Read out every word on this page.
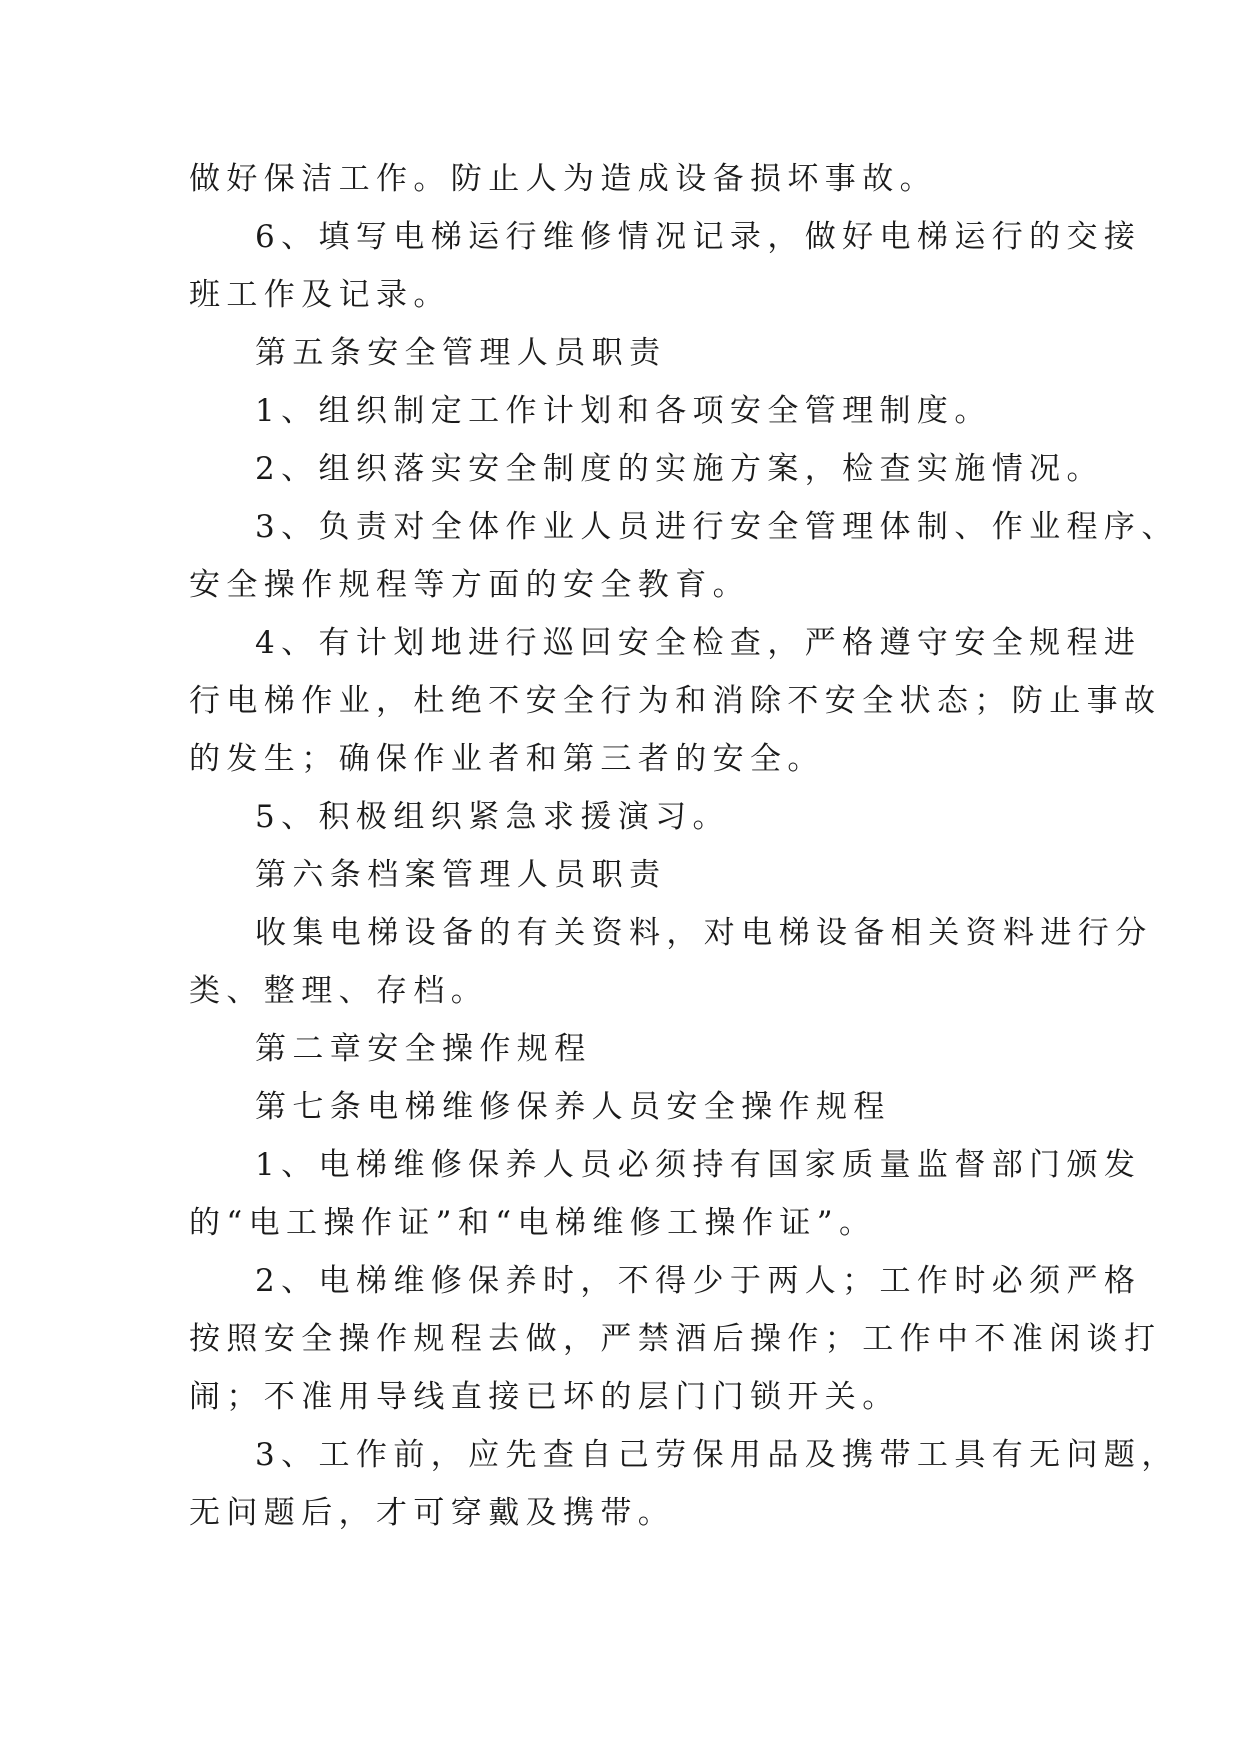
做好保洁工作。防止人为造成设备损坏事故。
6、填写电梯运行维修情况记录，做好电梯运行的交接
班工作及记录。
第五条安全管理人员职责
1、组织制定工作计划和各项安全管理制度。
2、组织落实安全制度的实施方案，检查实施情况。
3、负责对全体作业人员进行安全管理体制、作业程序、
安全操作规程等方面的安全教育。
4、有计划地进行巡回安全检查，严格遵守安全规程进
行电梯作业，杜绝不安全行为和消除不安全状态；防止事故
的发生；确保作业者和第三者的安全。
5、积极组织紧急求援演习。
第六条档案管理人员职责
收集电梯设备的有关资料，对电梯设备相关资料进行分
类、整理、存档。
第二章安全操作规程
第七条电梯维修保养人员安全操作规程
1、电梯维修保养人员必须持有国家质量监督部门颁发
的“电工操作证”和“电梯维修工操作证”。
2、电梯维修保养时，不得少于两人；工作时必须严格
按照安全操作规程去做，严禁酒后操作；工作中不准闲谈打
闹；不准用导线直接已坏的层门门锁开关。
3、工作前，应先查自己劳保用品及携带工具有无问题，
无问题后，才可穿戴及携带。
